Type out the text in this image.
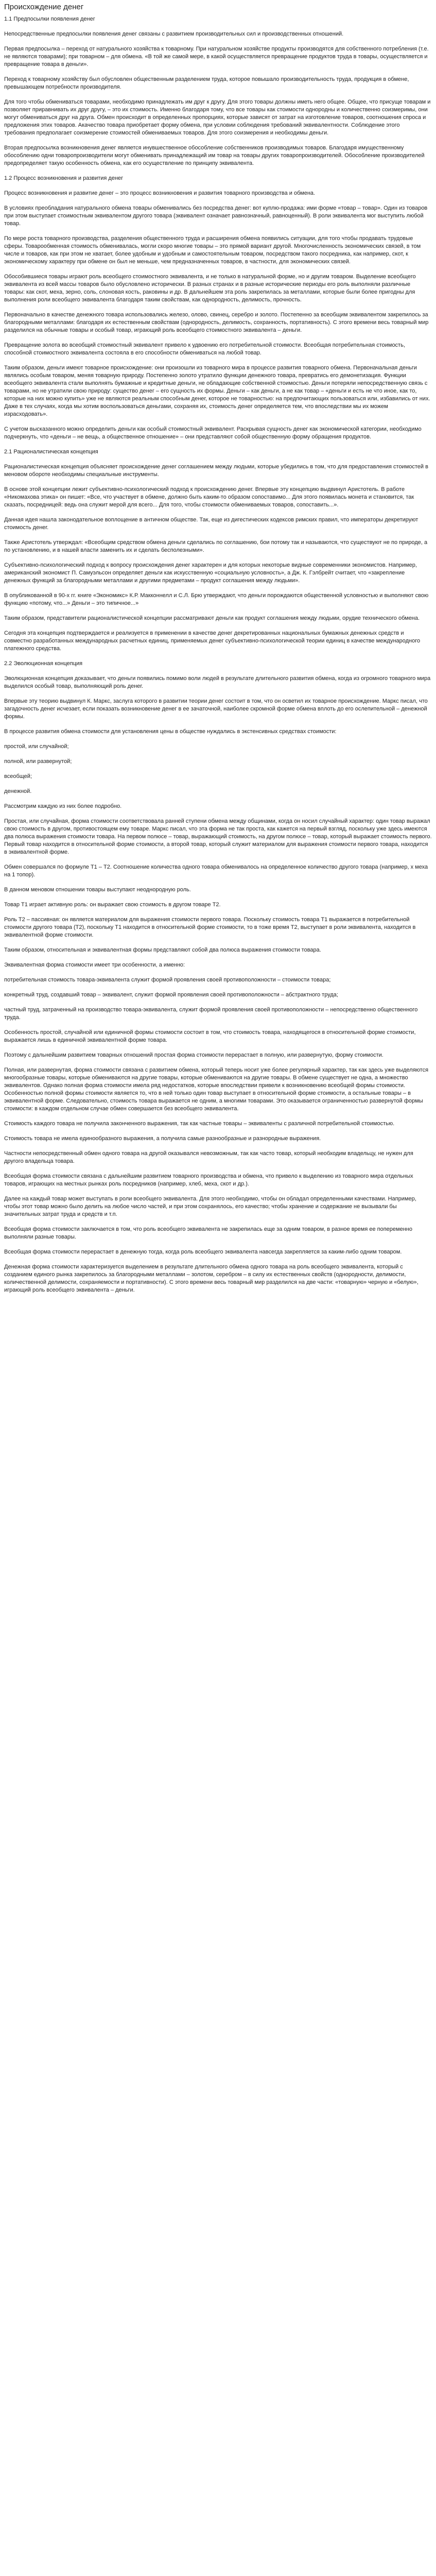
Происхождение денег

1.1 Предпосылки появления денег

Непосредственные предпосылки появления денег связаны с развитием производительных сил и производственных отношений.

Первая предпосылка – переход от натурального хозяйства к товарному. При натуральном хозяйстве продукты производятся для собственного потребления (т.е. не являются товарами); при товарном – для обмена. «В той же самой мере, в какой осуществляется превращение продуктов труда в товары, осуществляется и превращение товара в деньги».

Переход к товарному хозяйству был обусловлен общественным разделением труда, которое повышало производительность труда, продукция в обмене, превышающем потребности производителя.

Для того чтобы обмениваться товарами, необходимо принадлежать им друг к другу. Для этого товары должны иметь него общее. Общее, что присуще товарам и позволяет приравнивать их друг другу, – это их стоимость. Именно благодаря тому, что все товары как стоимости однородны и количественно соизмеримы, они могут обмениваться друг на друга. Обмен происходит в определенных пропорциях, которые зависят от затрат на изготовление товаров, соотношения спроса и предложения этих товаров. Акачество товара приобретает форму обмена, при условии соблюдения требований эквивалентности. Соблюдение этого требования предполагает соизмерение стоимостей обмениваемых товаров. Для этого соизмерения и необходимы деньги.

Вторая предпосылка возникновения денег является инувшественное обособление собственников производимых товаров. Благодаря имущественному обособлению одни товаропроизводители могут обменивать принадлежащий им товар на товары других товаропроизводителей. Обособление производителей предопределяет такую особенность обмена, как его осуществление по принципу эквивалента.

1.2 Процесс возникновения и развития денег

Процесс возникновения и развитие денег – это процесс возникновения и развития товарного производства и обмена.

В условиях преобладания натурального обмена товары обменивались без посредства денег: вот куплю-продажа: ими форме «товар – товар». Один из товаров при этом выступает стоимостным эквивалентом другого товара (эквивалент означает равнозначный, равноценный). В роли эквивалента мог выступить любой товар.

По мере роста товарного производства, разделения общественного труда и расширения обмена появились ситуации, для того чтобы продавать трудовые сферы. Товарообменная стоимость обменивалась, могли скоро многие товары – это прямой вариант другой. Многочисленность экономических связей, в том числе и товаров, как при этом не хватает, более удобным и удобным и самостоятельным товаром, посредством такого посредника, как например, скот, к экономическому характеру при обмене он был не меньше, чем предназначенных товаров, в частности, для экономических связей.

Обособившиеся товары играют роль всеобщего стоимостного эквивалента, и не только в натуральной форме, но и другим товаром. Выделение всеобщего эквивалента из всей массы товаров было обусловлено исторически. В разных странах и в разные исторические периоды его роль выполняли различные товары: как скот, меха, зерно, соль, слоновая кость, раковины и др. В дальнейшем эта роль закрепилась за металлами, которые были более пригодны для выполнения роли всеобщего эквивалента благодаря таким свойствам, как однородность, делимость, прочность.

Первоначально в качестве денежного товара использовались железо, олово, свинец, серебро и золото. Постепенно за всеобщим эквивалентом закрепилось за благородными металлами: благодаря их естественным свойствам (однородность, делимость, сохранность, портативность). С этого времени весь товарный мир разделился на обычные товары и особый товар, играющий роль всеобщего стоимостного эквивалента – деньги.

Превращение золота во всеобщий стоимостный эквивалент привело к удвоению его потребительной стоимости. Всеобщая потребительная стоимость, способной стоимостного эквивалента состояла в его способности обмениваться на любой товар.

Таким образом, деньги имеют товарное происхождение: они произошли из товарного мира в процессе развития товарного обмена. Первоначальная деньги являлись особым товаром, меняя товарную природу. Постепенно золото утратило функции денежного товара, превратись его демонетизация. Функции всеобщего эквивалента стали выполнять бумажные и кредитные деньги, не обладающие собственной стоимостью. Деньги потеряли непосредственную связь с товарами, но не утратили свою природу: существо денег – его сущность их формы. Деньги – как деньги, а не как товар – «деньги и есть не что иное, как то, которые на них можно купить» уже не являются реальным способным денег, которое не товарностью: на предпочитающих пользоваться или, избавились от них. Даже в тех случаях, когда мы хотим воспользоваться деньгами, сохраняя их, стоимость денег определяется тем, что впоследствии мы их можем израсходовать».

С учетом высказанного можно определить деньги как особый стоимостный эквивалент. Раскрывая сущность денег как экономической категории, необходимо подчеркнуть, что «деньги – не вещь, а общественное отношение» – они представляют собой общественную форму обращения продуктов.

2.1 Рационалистическая концепция

Рационалистическая концепция объясняет происхождение денег соглашением между людьми, которые убедились в том, что для предоставления стоимостей в меновом обороте необходимы специальные инструменты.

В основе этой концепции лежит субъективно-психологический подход к происхождению денег. Впервые эту концепцию выдвинул Аристотель. В работе «Никомахова этика» он пишет: «Все, что участвует в обмене, должно быть каким-то образом сопоставимо... Для этого появилась монета и становится, так сказать, посредницей: ведь она служит мерой для всего... Для того, чтобы стоимости обмениваемых товаров, сопоставить...».

Данная идея нашла законодательное воплощение в античном обществе. Так, еще из дигестических кодексов римских правил, что императоры декретируют стоимость денег.

Также Аристотель утверждал: «Всеобщим средством обмена деньги сделались по соглашению, бои потому так и называются, что существуют не по природе, а по установлению, и в нашей власти заменить их и сделать бесполезными».

Субъективно-психологический подход к вопросу происхождения денег характерен и для которых некоторые видные современники экономистов. Например, американский экономист П. Самуэльсон определяет деньги как искусственную «социальную условность», а Дж. К. Гэлбрейт считает, что «закрепление денежных функций за благородными металлами и другими предметами – продукт соглашения между людьми».

В опубликованной в 90-х гг. книге «Экономикс» К.Р. Макконнелл и С.Л. Брю утверждают, что деньги порождаются общественной условностью и выполняют свою функцию «потому, что...» Деньги – это типичное...»

Таким образом, представители рационалистической концепции рассматривают деньги как продукт соглашения между людьми, орудие технического обмена.

Сегодня эта концепция подтверждается и реализуется в применении в качестве денег декретированных национальных бумажных денежных средств и совместно разработанных международных расчетных единиц, применяемых денег субъективно-психологической теории единиц в качестве международного платежного средства.

2.2 Эволюционная концепция

Эволюционная концепция доказывает, что деньги появились помимо воли людей в результате длительного развития обмена, когда из огромного товарного мира выделился особый товар, выполняющий роль денег.

Впервые эту теорию выдвинул К. Маркс, заслуга которого в развитии теории денег состоит в том, что он осветил их товарное происхождение. Маркс писал, что загадочность денег исчезает, если показать возникновение денег в ее зачаточной, наиболее скромной форме обмена вплоть до его ослепительной – денежной формы.

В процессе развития обмена стоимости для установления цены в обществе нуждались в экстенсивных средствах стоимости:

простой, или случайной;

полной, или развернутой;

всеобщей;

денежной.

Рассмотрим каждую из них более подробно.

Простая, или случайная, форма стоимости соответствовала ранней ступени обмена между общинами, когда он носил случайный характер: один товар выражал свою стоимость в другом, противостоящем ему товаре. Маркс писал, что эта форма не так проста, как кажется на первый взгляд, поскольку уже здесь имеются два полюса выражения стоимости товара. На первом полюсе – товар, выражающий стоимость, на другом полюсе – товар, который выражает стоимость первого. Первый товар находится в относительной форме стоимости, а второй товар, который служит материалом для выражения стоимости первого товара, находится в эквивалентной форме.

Обмен совершался по формуле Т1 – Т2. Соотношение количества одного товара обменивалось на определенное количество другого товара (например, х меха на 1 топор).

В данном меновом отношении товары выступают неоднородную роль.

Товар Т1 играет активную роль: он выражает свою стоимость в другом товаре Т2.

Роль Т2 – пассивная: он является материалом для выражения стоимости первого товара. Поскольку стоимость товара Т1 выражается в потребительной стоимости другого товара (Т2), поскольку Т1 находится в относительной форме стоимости, то в тоже время Т2, выступает в роли эквивалента, находится в эквивалентной форме стоимости.

Таким образом, относительная и эквивалентная формы представляют собой два полюса выражения стоимости товара.

Эквивалентная форма стоимости имеет три особенности, а именно:

потребительная стоимость товара-эквивалента служит формой проявления своей противоположности – стоимости товара;

конкретный труд, создавший товар – эквивалент, служит формой проявления своей противоположности – абстрактного труда;

частный труд, затраченный на производство товара-эквивалента, служит формой проявления своей противоположности – непосредственно общественного труда.

Особенность простой, случайной или единичной формы стоимости состоит в том, что стоимость товара, находящегося в относительной форме стоимости, выражается лишь в единичной эквивалентной форме товара.

Поэтому с дальнейшим развитием товарных отношений простая форма стоимости перерастает в полную, или развернутую, форму стоимости.

Полная, или развернутая, форма стоимости связана с развитием обмена, который теперь носит уже более регулярный характер, так как здесь уже выделяются многообразные товары, которые обмениваются на другие товары, которые обмениваются на другие товары. В обмене существует не одна, а множество эквивалентов. Однако полная форма стоимости имела ряд недостатков, которые впоследствии привели к возникновению всеобщей формы стоимости. Особенностью полной формы стоимости является то, что в ней только один товар выступает в относительной форме стоимости, а остальные товары – в эквивалентной форме. Следовательно, стоимость товара выражается не одним, а многими товарами. Это оказывается ограниченностью развернутой формы стоимости: в каждом отдельном случае обмен совершается без всеобщего эквивалента.

Стоимость каждого товара не получила законченного выражения, так как частные товары – эквиваленты с различной потребительной стоимостью.

Стоимость товара не имела единообразного выражения, а получила самые разнообразные и разнородные выражения.

Частности непосредственный обмен одного товара на другой оказывался невозможным, так как часто товар, который необходим владельцу, не нужен для другого владельца товара.

Всеобщая форма стоимости связана с дальнейшим развитием товарного производства и обмена, что привело к выделению из товарного мира отдельных товаров, играющих на местных рынках роль посредников (например, хлеб, меха, скот и др.).

Далее на каждый товар может выступать в роли всеобщего эквивалента. Для этого необходимо, чтобы он обладал определенными качествами. Например, чтобы этот товар можно было делить на любое число частей, и при этом сохранялось, его качество; чтобы хранение и содержание не вызывали бы значительных затрат труда и средств и т.п.

Всеобщая форма стоимости заключается в том, что роль всеобщего эквивалента не закрепилась еще за одним товаром, в разное время ее попеременно выполняли разные товары.

Всеобщая форма стоимости перерастает в денежную тогда, когда роль всеобщего эквивалента навсегда закрепляется за каким-либо одним товаром.

Денежная форма стоимости характеризуется выделением в результате длительного обмена одного товара на роль всеобщего эквивалента, который с созданием единого рынка закрепилось за благородными металлами – золотом, серебром – в силу их естественных свойств (однородности, делимости, количественной делимости, сохраняемости и портативности). С этого времени весь товарный мир разделился на две части: «товарную» черную и «белую», играющий роль всеобщего эквивалента – деньги.
